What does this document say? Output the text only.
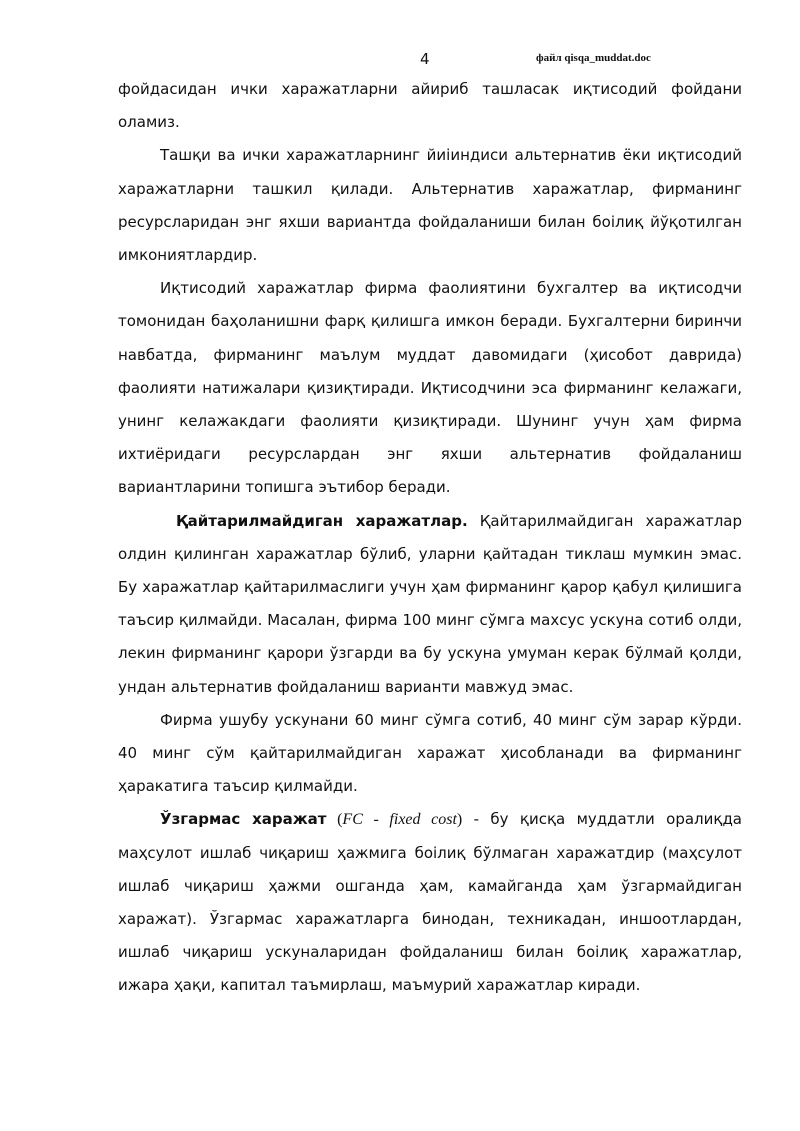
4	файл qisqa_muddat.doc

фойдасидан ички харажатларни айириб ташласак иқтисодий фойдани оламиз.

Ташқи ва ички харажатларнинг йиіиндиси альтернатив ёки иқтисодий харажатларни ташкил қилади. Альтернатив харажатлар, фирманинг ресурсларидан энг яхши вариантда фойдаланиши билан боілиқ йўқотилган имкониятлардир.

Иқтисодий харажатлар фирма фаолиятини бухгалтер ва иқтисодчи томонидан баҳоланишни фарқ қилишга имкон беради. Бухгалтерни биринчи навбатда, фирманинг маълум муддат давомидаги (ҳисобот даврида) фаолияти натижалари қизиқтиради. Иқтисодчини эса фирманинг келажаги, унинг келажакдаги фаолияти қизиқтиради. Шунинг учун ҳам фирма ихтиёридаги ресурслардан энг яхши альтернатив фойдаланиш вариантларини топишга эътибор беради.

Қайтарилмайдиган харажатлар. Қайтарилмайдиган харажатлар олдин қилинган харажатлар бўлиб, уларни қайтадан тиклаш мумкин эмас. Бу харажатлар қайтарилмаслиги учун ҳам фирманинг қарор қабул қилишига таъсир қилмайди. Масалан, фирма 100 минг сўмга махсус ускуна сотиб олди, лекин фирманинг қарори ўзгарди ва бу ускуна умуман керак бўлмай қолди, ундан альтернатив фойдаланиш варианти мавжуд эмас.

Фирма ушубу ускунани 60 минг сўмга сотиб, 40 минг сўм зарар кўрди. 40 минг сўм қайтарилмайдиган харажат ҳисобланади ва фирманинг ҳаракатига таъсир қилмайди.

Ўзгармас харажат (FC - fixed cost) - бу қисқа муддатли оралиқда маҳсулот ишлаб чиқариш ҳажмига боілиқ бўлмаган харажатдир (маҳсулот ишлаб чиқариш ҳажми ошганда ҳам, камайганда ҳам ўзгармайдиган харажат). Ўзгармас харажатларга бинодан, техникадан, иншоотлардан, ишлаб чиқариш ускуналаридан фойдаланиш билан боілиқ харажатлар, ижара ҳақи, капитал таъмирлаш, маъмурий харажатлар киради.
